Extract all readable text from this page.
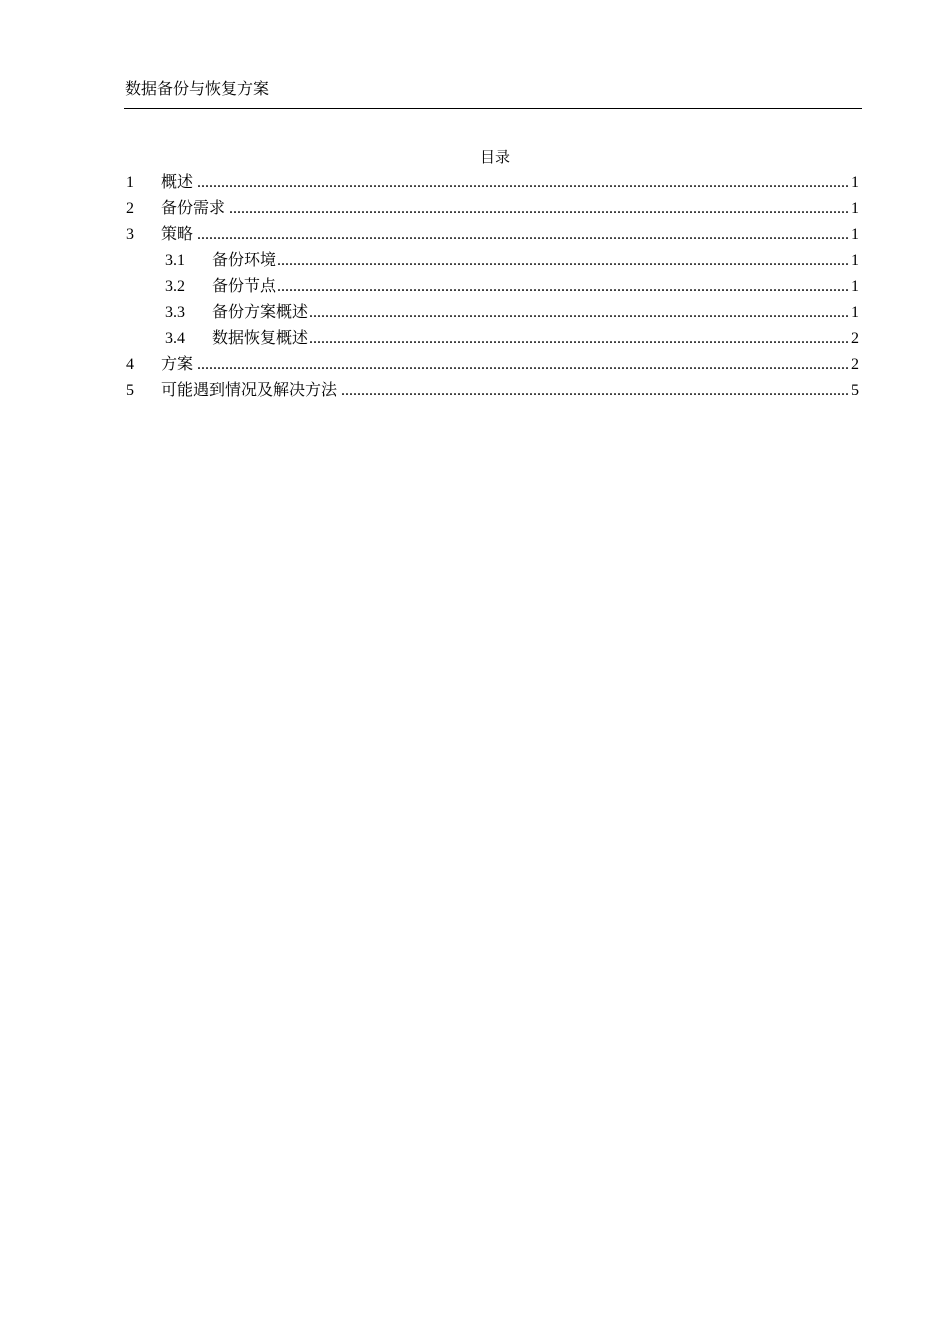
数据备份与恢复方案
目录
1	概述 .....	1
2	备份需求 .....	1
3	策略 .....	1
3.1	备份环境 .....	1
3.2	备份节点 .....	1
3.3	备份方案概述 .....	1
3.4	数据恢复概述 .....	2
4	方案 .....	2
5	可能遇到情况及解决方法 .....	5
